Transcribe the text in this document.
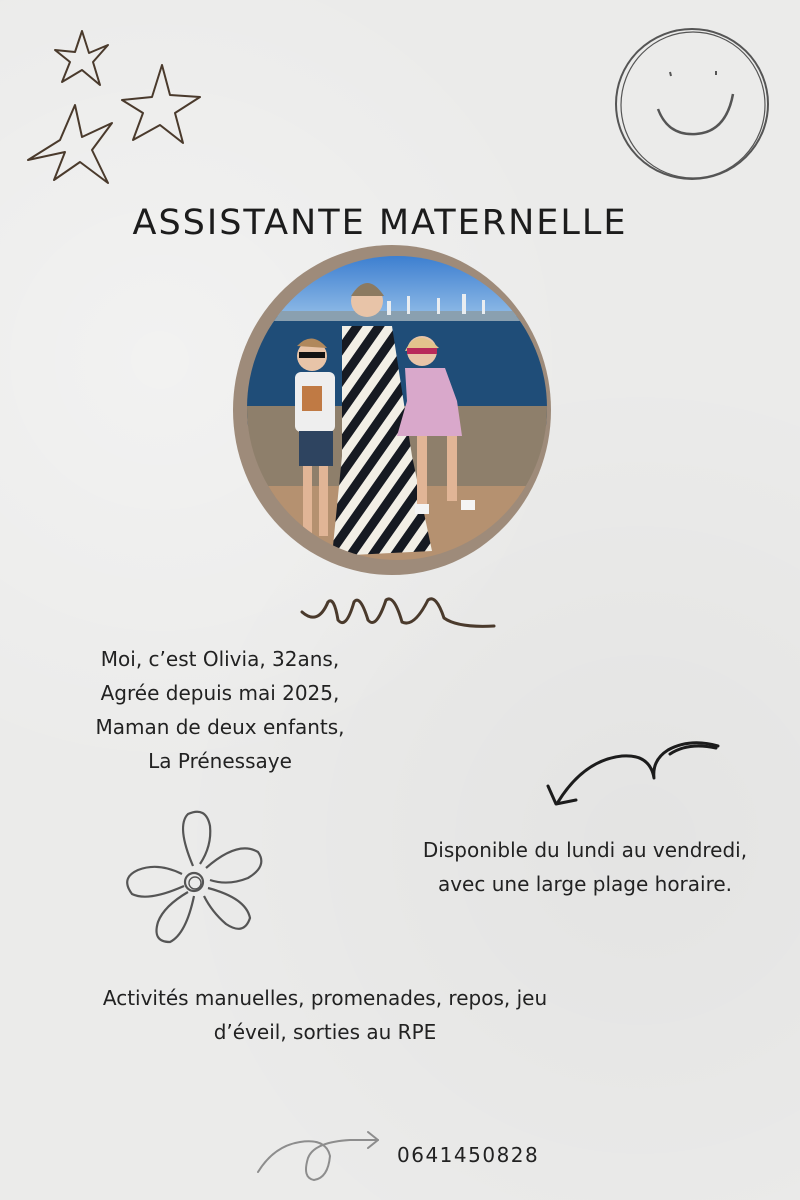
ASSISTANTE MATERNELLE
Moi, c’est Olivia, 32ans,
Agrée depuis mai 2025,
Maman de deux enfants,
La Prénessaye
Disponible du lundi au vendredi,
avec une large plage horaire.
Activités manuelles, promenades, repos, jeu
d’éveil, sorties au RPE
0641450828
